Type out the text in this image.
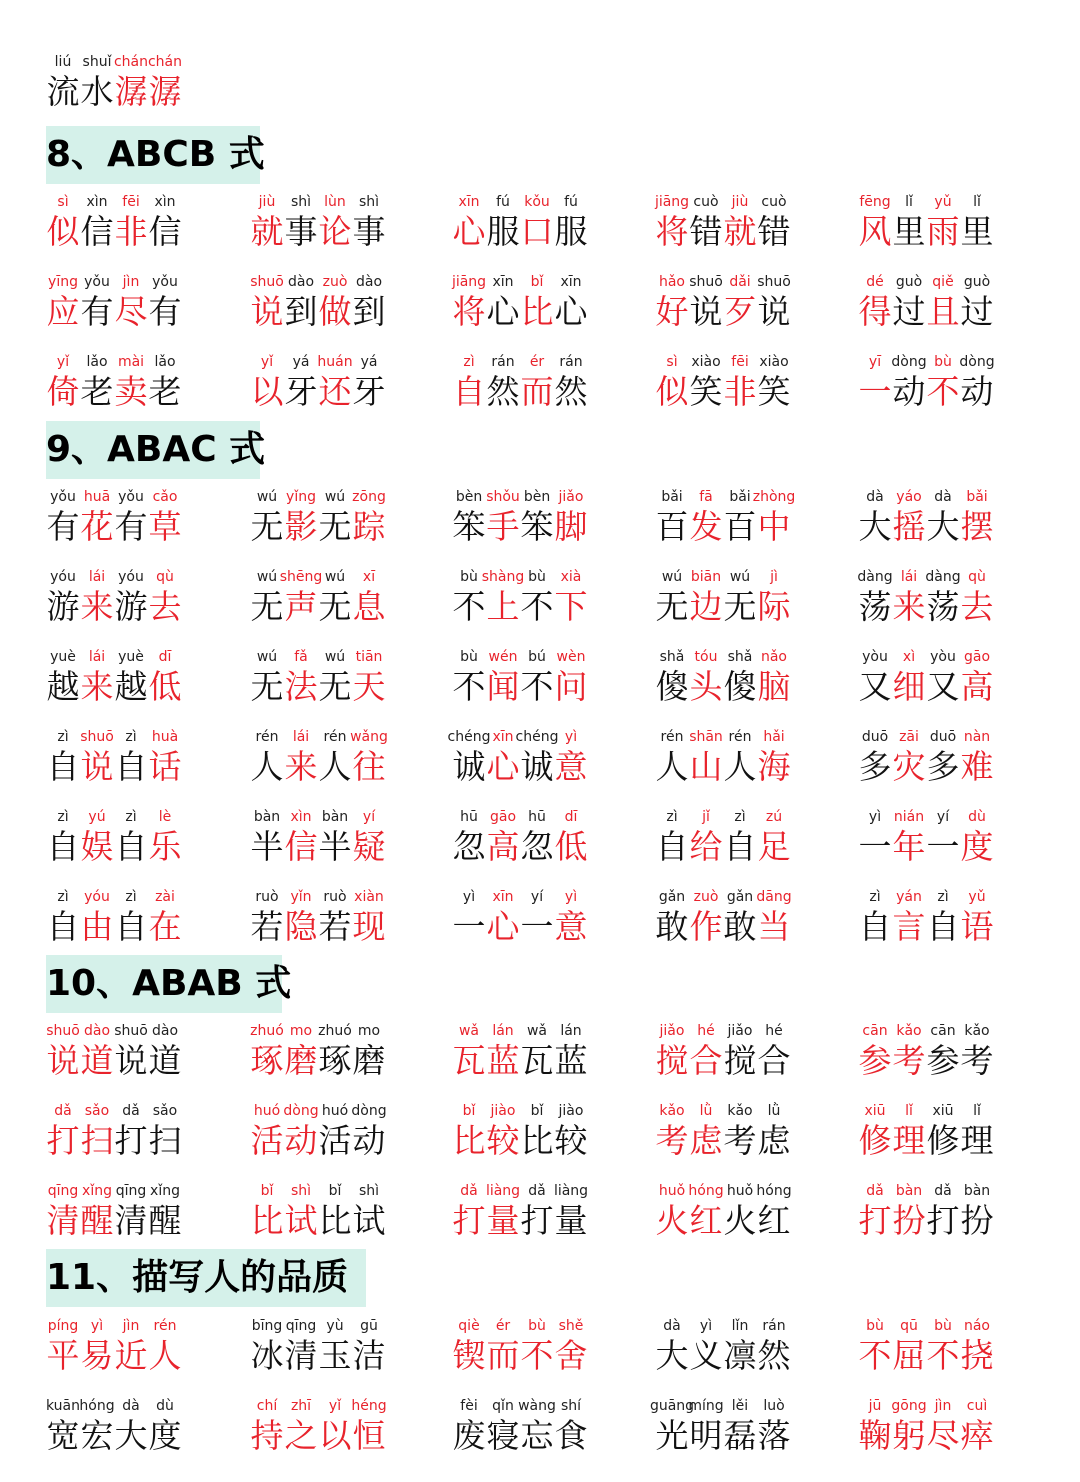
liú
流
shuǐ
水
chán
潺
chán
潺
8、ABCB 式
sì
似
xìn
信
fēi
非
xìn
信
jiù
就
shì
事
lùn
论
shì
事
xīn
心
fú
服
kǒu
口
fú
服
jiāng
将
cuò
错
jiù
就
cuò
错
fēng
风
lǐ
里
yǔ
雨
lǐ
里
yīng
应
yǒu
有
jìn
尽
yǒu
有
shuō
说
dào
到
zuò
做
dào
到
jiāng
将
xīn
心
bǐ
比
xīn
心
hǎo
好
shuō
说
dǎi
歹
shuō
说
dé
得
guò
过
qiě
且
guò
过
yǐ
倚
lǎo
老
mài
卖
lǎo
老
yǐ
以
yá
牙
huán
还
yá
牙
zì
自
rán
然
ér
而
rán
然
sì
似
xiào
笑
fēi
非
xiào
笑
yī
一
dòng
动
bù
不
dòng
动
9、ABAC 式
yǒu
有
huā
花
yǒu
有
cǎo
草
wú
无
yǐng
影
wú
无
zōng
踪
bèn
笨
shǒu
手
bèn
笨
jiǎo
脚
bǎi
百
fā
发
bǎi
百
zhòng
中
dà
大
yáo
摇
dà
大
bǎi
摆
yóu
游
lái
来
yóu
游
qù
去
wú
无
shēng
声
wú
无
xī
息
bù
不
shàng
上
bù
不
xià
下
wú
无
biān
边
wú
无
jì
际
dàng
荡
lái
来
dàng
荡
qù
去
yuè
越
lái
来
yuè
越
dī
低
wú
无
fǎ
法
wú
无
tiān
天
bù
不
wén
闻
bú
不
wèn
问
shǎ
傻
tóu
头
shǎ
傻
nǎo
脑
yòu
又
xì
细
yòu
又
gāo
高
zì
自
shuō
说
zì
自
huà
话
rén
人
lái
来
rén
人
wǎng
往
chéng
诚
xīn
心
chéng
诚
yì
意
rén
人
shān
山
rén
人
hǎi
海
duō
多
zāi
灾
duō
多
nàn
难
zì
自
yú
娱
zì
自
lè
乐
bàn
半
xìn
信
bàn
半
yí
疑
hū
忽
gāo
高
hū
忽
dī
低
zì
自
jǐ
给
zì
自
zú
足
yì
一
nián
年
yí
一
dù
度
zì
自
yóu
由
zì
自
zài
在
ruò
若
yǐn
隐
ruò
若
xiàn
现
yì
一
xīn
心
yí
一
yì
意
gǎn
敢
zuò
作
gǎn
敢
dāng
当
zì
自
yán
言
zì
自
yǔ
语
10、ABAB 式
shuō
说
dào
道
shuō
说
dào
道
zhuó
琢
mo
磨
zhuó
琢
mo
磨
wǎ
瓦
lán
蓝
wǎ
瓦
lán
蓝
jiǎo
搅
hé
合
jiǎo
搅
hé
合
cān
参
kǎo
考
cān
参
kǎo
考
dǎ
打
sǎo
扫
dǎ
打
sǎo
扫
huó
活
dòng
动
huó
活
dòng
动
bǐ
比
jiào
较
bǐ
比
jiào
较
kǎo
考
lǜ
虑
kǎo
考
lǜ
虑
xiū
修
lǐ
理
xiū
修
lǐ
理
qīng
清
xǐng
醒
qīng
清
xǐng
醒
bǐ
比
shì
试
bǐ
比
shì
试
dǎ
打
liàng
量
dǎ
打
liàng
量
huǒ
火
hóng
红
huǒ
火
hóng
红
dǎ
打
bàn
扮
dǎ
打
bàn
扮
11、描写人的品质
píng
平
yì
易
jìn
近
rén
人
bīng
冰
qīng
清
yù
玉
gū
洁
qiè
锲
ér
而
bù
不
shě
舍
dà
大
yì
义
lǐn
凛
rán
然
bù
不
qū
屈
bù
不
náo
挠
kuān
宽
hóng
宏
dà
大
dù
度
chí
持
zhī
之
yǐ
以
héng
恒
fèi
废
qǐn
寝
wàng
忘
shí
食
guāng
光
míng
明
lěi
磊
luò
落
jū
鞠
gōng
躬
jìn
尽
cuì
瘁
